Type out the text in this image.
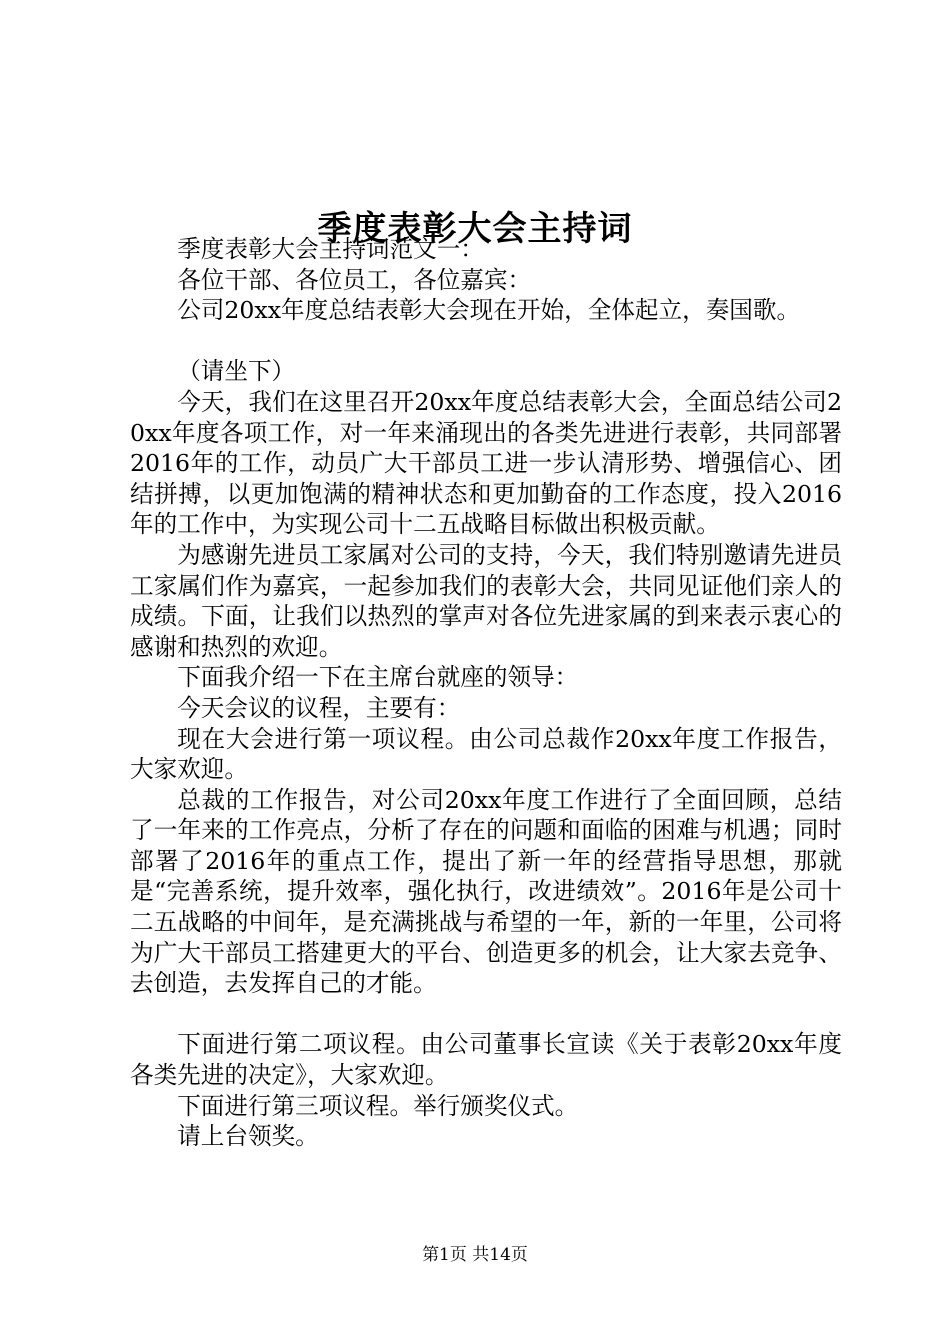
季度表彰大会主持词

季度表彰大会主持词范文一：

各位干部、各位员工，各位嘉宾：

公司20xx年度总结表彰大会现在开始，全体起立，奏国歌。

（请坐下）

今天，我们在这里召开20xx年度总结表彰大会，全面总结公司20xx年度各项工作，对一年来涌现出的各类先进进行表彰，共同部署2016年的工作，动员广大干部员工进一步认清形势、增强信心、团结拼搏，以更加饱满的精神状态和更加勤奋的工作态度，投入2016年的工作中，为实现公司十二五战略目标做出积极贡献。

为感谢先进员工家属对公司的支持，今天，我们特别邀请先进员工家属们作为嘉宾，一起参加我们的表彰大会，共同见证他们亲人的成绩。下面，让我们以热烈的掌声对各位先进家属的到来表示衷心的感谢和热烈的欢迎。

下面我介绍一下在主席台就座的领导：

今天会议的议程，主要有：

现在大会进行第一项议程。由公司总裁作20xx年度工作报告，大家欢迎。

总裁的工作报告，对公司20xx年度工作进行了全面回顾，总结了一年来的工作亮点，分析了存在的问题和面临的困难与机遇；同时部署了2016年的重点工作，提出了新一年的经营指导思想，那就是“完善系统，提升效率，强化执行，改进绩效”。2016年是公司十二五战略的中间年，是充满挑战与希望的一年，新的一年里，公司将为广大干部员工搭建更大的平台、创造更多的机会，让大家去竞争、去创造，去发挥自己的才能。

下面进行第二项议程。由公司董事长宣读《关于表彰20xx年度各类先进的决定》，大家欢迎。

下面进行第三项议程。举行颁奖仪式。

请上台领奖。

第1页 共14页
